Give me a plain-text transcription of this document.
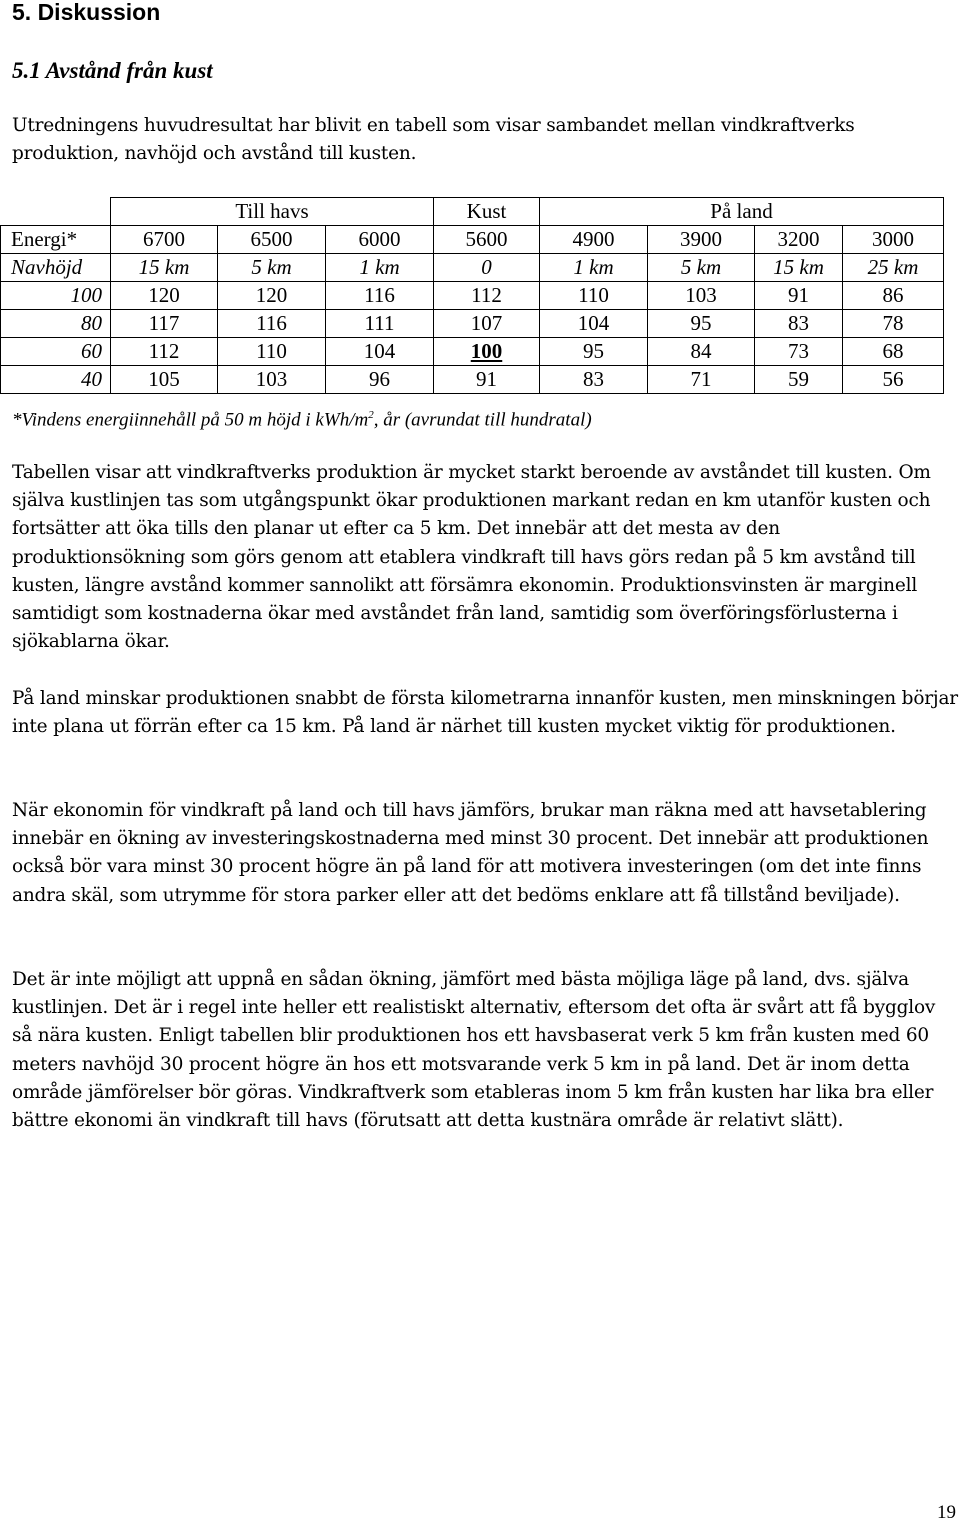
5. Diskussion
5.1 Avstånd från kust

Utredningens huvudresultat har blivit en tabell som visar sambandet mellan vindkraftverks produktion, navhöjd och avstånd till kusten.

	Till havs			Kust	På land			
Energi*	6700	6500	6000	5600	4900	3900	3200	3000
Navhöjd	15 km	5 km	1 km	0	1 km	5 km	15 km	25 km
100	120	120	116	112	110	103	91	86
80	117	116	111	107	104	95	83	78
60	112	110	104	100	95	84	73	68
40	105	103	96	91	83	71	59	56

*Vindens energiinnehåll på 50 m höjd i kWh/$m^2$, år (avrundat till hundratal)

Tabellen visar att vindkraftverks produktion är mycket starkt beroende av avståndet till kusten. Om själva kustlinjen tas som utgångspunkt ökar produktionen markant redan en km utanför kusten och fortsätter att öka tills den planar ut efter ca 5 km. Det innebär att det mesta av den produktionsökning som görs genom att etablera vindkraft till havs görs redan på 5 km avstånd till kusten, längre avstånd kommer sannolikt att försämra ekonomin. Produktionsvinsten är marginell samtidigt som kostnaderna ökar med avståndet från land, samtidig som överföringsförlusterna i sjökablarna ökar.

På land minskar produktionen snabbt de första kilometrarna innanför kusten, men minskningen börjar inte plana ut förrän efter ca 15 km. På land är närhet till kusten mycket viktig för produktionen.

När ekonomin för vindkraft på land och till havs jämförs, brukar man räkna med att havsetablering innebär en ökning av investeringskostnaderna med minst 30 procent. Det innebär att produktionen också bör vara minst 30 procent högre än på land för att motivera investeringen (om det inte finns andra skäl, som utrymme för stora parker eller att det bedöms enklare att få tillstånd beviljade).

Det är inte möjligt att uppnå en sådan ökning, jämfört med bästa möjliga läge på land, dvs. själva kustlinjen. Det är i regel inte heller ett realistiskt alternativ, eftersom det ofta är svårt att få bygglov så nära kusten. Enligt tabellen blir produktionen hos ett havsbaserat verk 5 km från kusten med 60 meters navhöjd 30 procent högre än hos ett motsvarande verk 5 km in på land. Det är inom detta område jämförelser bör göras. Vindkraftverk som etableras inom 5 km från kusten har lika bra eller bättre ekonomi än vindkraft till havs (förutsatt att detta kustnära område är relativt slätt).

19
